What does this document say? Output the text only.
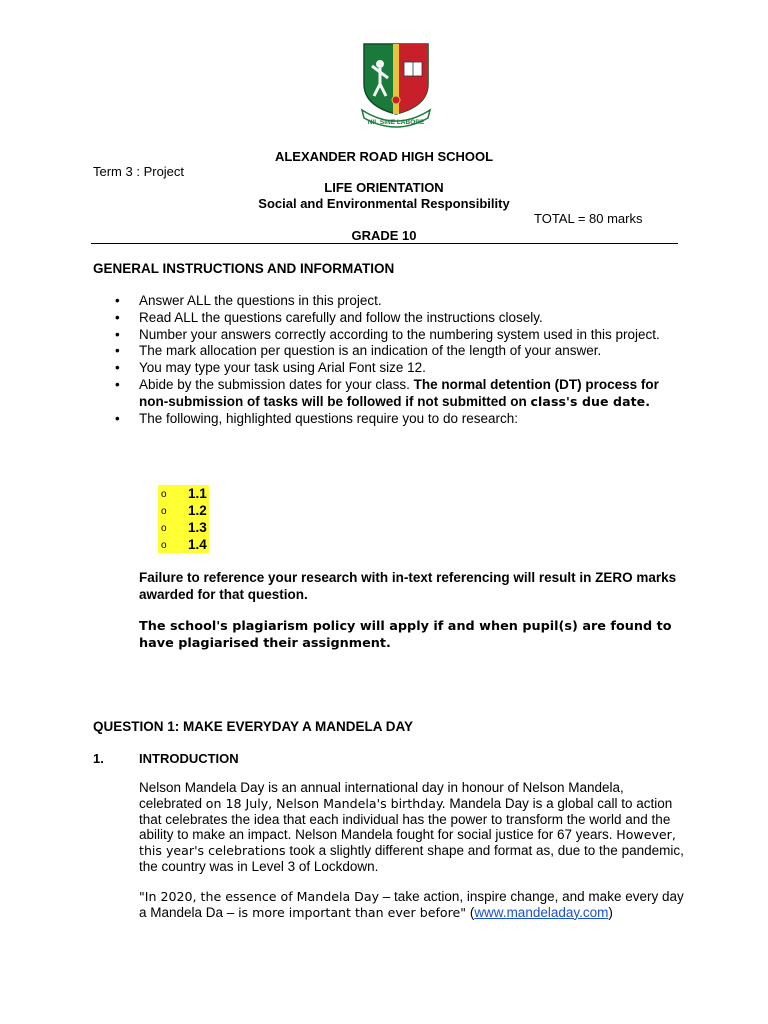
NIL SINE LABORE
ALEXANDER ROAD HIGH SCHOOL
Term 3 : Project
LIFE ORIENTATION
Social and Environmental Responsibility
TOTAL = 80 marks
GRADE 10
GENERAL INSTRUCTIONS AND INFORMATION
• Answer ALL the questions in this project.
• Read ALL the questions carefully and follow the instructions closely.
• Number your answers correctly according to the numbering system used in this project.
• The mark allocation per question is an indication of the length of your answer.
• You may type your task using Arial Font size 12.
• Abide by the submission dates for your class. The normal detention (DT) process for non-submission of tasks will be followed if not submitted on class's due date.
• The following, highlighted questions require you to do research:
o	1.1
o	1.2
o	1.3
o	1.4
Failure to reference your research with in-text referencing will result in ZERO marks awarded for that question.
The school's plagiarism policy will apply if and when pupil(s) are found to have plagiarised their assignment.
QUESTION 1: MAKE EVERYDAY A MANDELA DAY
1.	INTRODUCTION
Nelson Mandela Day is an annual international day in honour of Nelson Mandela, celebrated on 18 July, Nelson Mandela's birthday. Mandela Day is a global call to action that celebrates the idea that each individual has the power to transform the world and the ability to make an impact. Nelson Mandela fought for social justice for 67 years. However, this year's celebrations took a slightly different shape and format as, due to the pandemic, the country was in Level 3 of Lockdown.
"In 2020, the essence of Mandela Day – take action, inspire change, and make every day a Mandela Da – is more important than ever before" (www.mandeladay.com)
